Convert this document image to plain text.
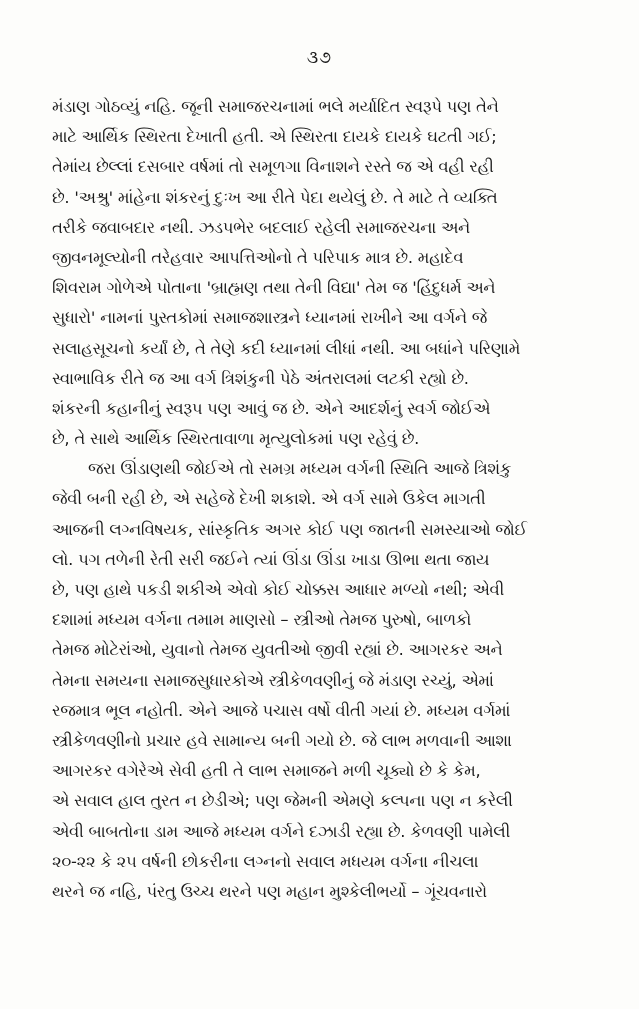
૩૭
મંડાણ ગોઠવ્યું નહિ. જૂની સમાજરચનામાં ભલે મર્યાદિત સ્વરૂપે પણ તેને
માટે આર્થિક સ્થિરતા દેખાતી હતી. એ સ્થિરતા દાયકે દાયકે ઘટતી ગઈ;
તેમાંય છેલ્લાં દસબાર વર્ષમાં તો સમૂળગા વિનાશને રસ્તે જ એ વહી રહી
છે. 'અશ્રુ' માંહેના શંકરનું દુઃખ આ રીતે પેદા થયેલું છે. તે માટે તે વ્યક્તિ
તરીકે જવાબદાર નથી. ઝડપભેર બદલાઈ રહેલી સમાજરચના અને
જીવનમૂલ્યોની તરેહવાર આપત્તિઓનો તે પરિપાક માત્ર છે. મહાદેવ
શિવરામ ગોળેએ પોતાના 'બ્રાહ્મણ તથા તેની વિદ્યા' તેમ જ 'હિંદુધર્મ અને
સુધારો' નામનાં પુસ્તકોમાં સમાજશાસ્ત્રને ધ્યાનમાં રાખીને આ વર્ગને જે
સલાહસૂચનો કર્યાં છે, તે તેણે કદી ધ્યાનમાં લીધાં નથી. આ બધાંને પરિણામે
સ્વાભાવિક રીતે જ આ વર્ગ ત્રિશંકુની પેઠે અંતરાલમાં લટકી રહ્યો છે.
શંકરની કહાનીનું સ્વરૂપ પણ આવું જ છે. એને આદર્શનું સ્વર્ગ જોઈએ
છે, તે સાથે આર્થિક સ્થિરતાવાળા મૃત્યુલોકમાં પણ રહેવું છે.
જરા ઊંડાણથી જોઈએ તો સમગ્ર મધ્યમ વર્ગની સ્થિતિ આજે ત્રિશંકુ
જેવી બની રહી છે, એ સહેજે દેખી શકાશે. એ વર્ગ સામે ઉકેલ માગતી
આજની લગ્નવિષયક, સાંસ્કૃતિક અગર કોઈ પણ જાતની સમસ્યાઓ જોઈ
લો. પગ તળેની રેતી સરી જઈને ત્યાં ઊંડા ઊંડા ખાડા ઊભા થતા જાય
છે, પણ હાથે પકડી શકીએ એવો કોઈ ચોક્કસ આધાર મળ્યો નથી; એવી
દશામાં મધ્યમ વર્ગના તમામ માણસો – સ્ત્રીઓ તેમજ પુરુષો, બાળકો
તેમજ મોટેરાંઓ, યુવાનો તેમજ યુવતીઓ જીવી રહ્યાં છે. આગરકર અને
તેમના સમયના સમાજસુધારકોએ સ્ત્રીકેળવણીનું જે મંડાણ રચ્યું, એમાં
રજમાત્ર ભૂલ નહોતી. એને આજે પચાસ વર્ષો વીતી ગયાં છે. મધ્યમ વર્ગમાં
સ્ત્રીકેળવણીનો પ્રચાર હવે સામાન્ય બની ગયો છે. જે લાભ મળવાની આશા
આગરકર વગેરેએ સેવી હતી તે લાભ સમાજને મળી ચૂક્યો છે કે કેમ,
એ સવાલ હાલ તુરત ન છેડીએ; પણ જેમની એમણે કલ્પના પણ ન કરેલી
એવી બાબતોના ડામ આજે મધ્યમ વર્ગને દઝાડી રહ્યા છે. કેળવણી પામેલી
૨૦-૨૨ કે ૨૫ વર્ષની છોકરીના લગ્નનો સવાલ મધયમ વર્ગના નીચલા
થરને જ નહિ, પંરતુ ઉચ્ચ થરને પણ મહાન મુશ્કેલીભર્યો – ગૂંચવનારો
